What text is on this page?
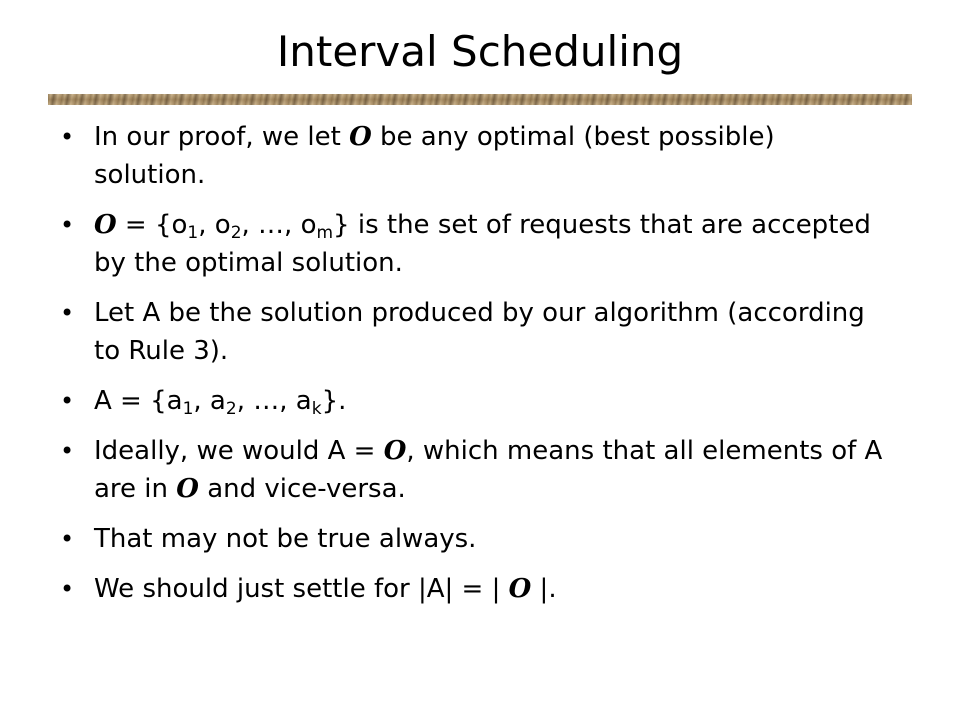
Interval Scheduling
• In our proof, we let O be any optimal (best possible) solution.
• $O = \{o_1$, $o_2$, …, $o_m$} is the set of requests that are accepted by the optimal solution.
• Let A be the solution produced by our algorithm (according to Rule 3).
• $A = \{a_1$, $a_2$, …, $a_k$}.
• Ideally, we would A = O, which means that all elements of A are in O and vice-versa.
• That may not be true always.
• We should just settle for |A| = | O |.
